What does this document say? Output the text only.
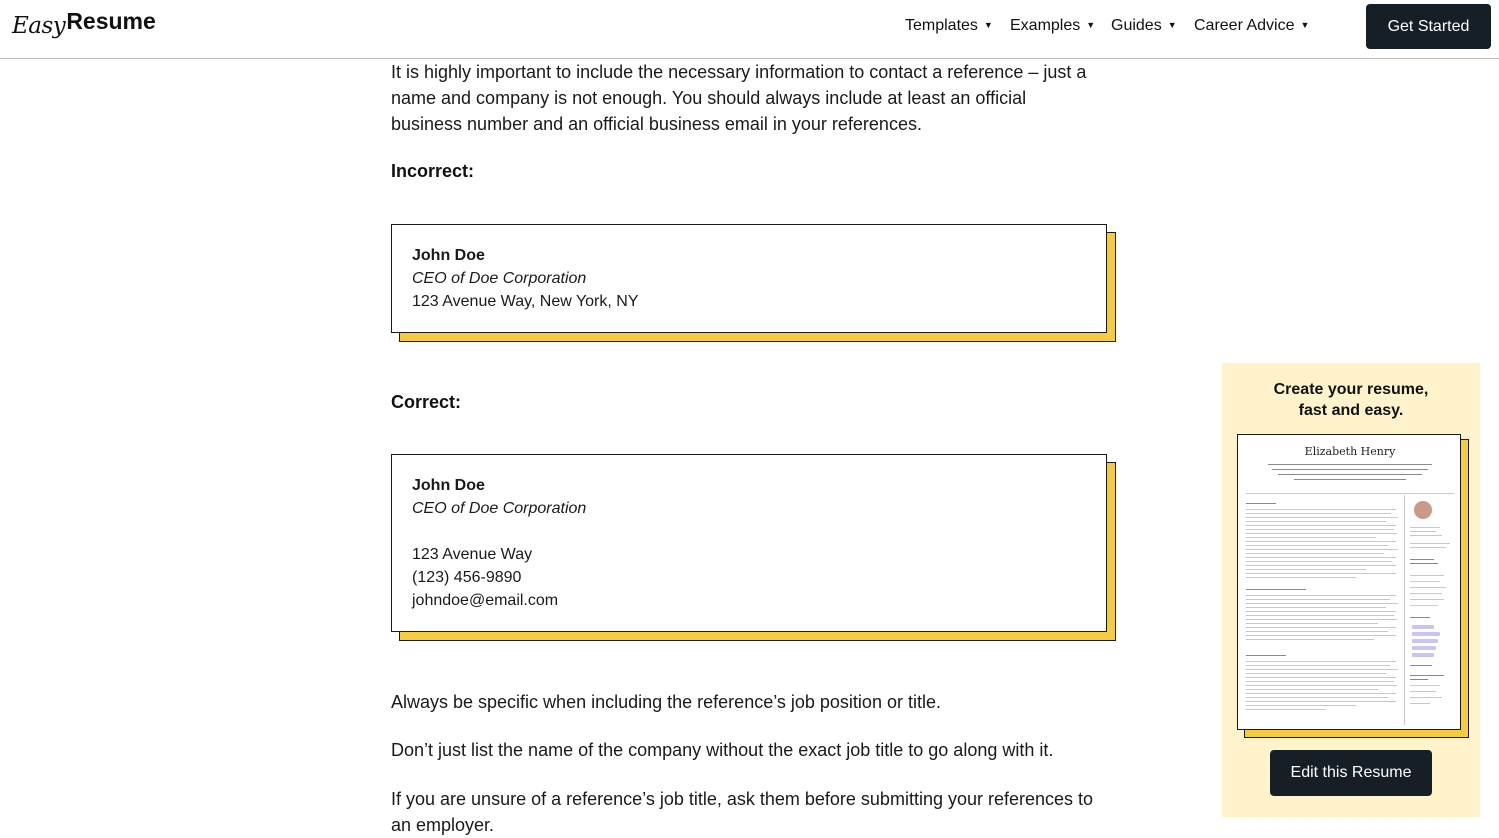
Easy Resume	Templates ▼ Examples ▼ Guides ▼ Career Advice ▼	Get Started

It is highly important to include the necessary information to contact a reference – just a name and company is not enough. You should always include at least an official business number and an official business email in your references.

Incorrect:
John Doe
CEO of Doe Corporation
123 Avenue Way, New York, NY
Correct:
John Doe
CEO of Doe Corporation
123 Avenue Way
(123) 456-9890
johndoe@email.com

Always be specific when including the reference’s job position or title.

Don’t just list the name of the company without the exact job title to go along with it.

If you are unsure of a reference’s job title, ask them before submitting your references to an employer.

Create your resume,
fast and easy.
Elizabeth Henry
Edit this Resume
